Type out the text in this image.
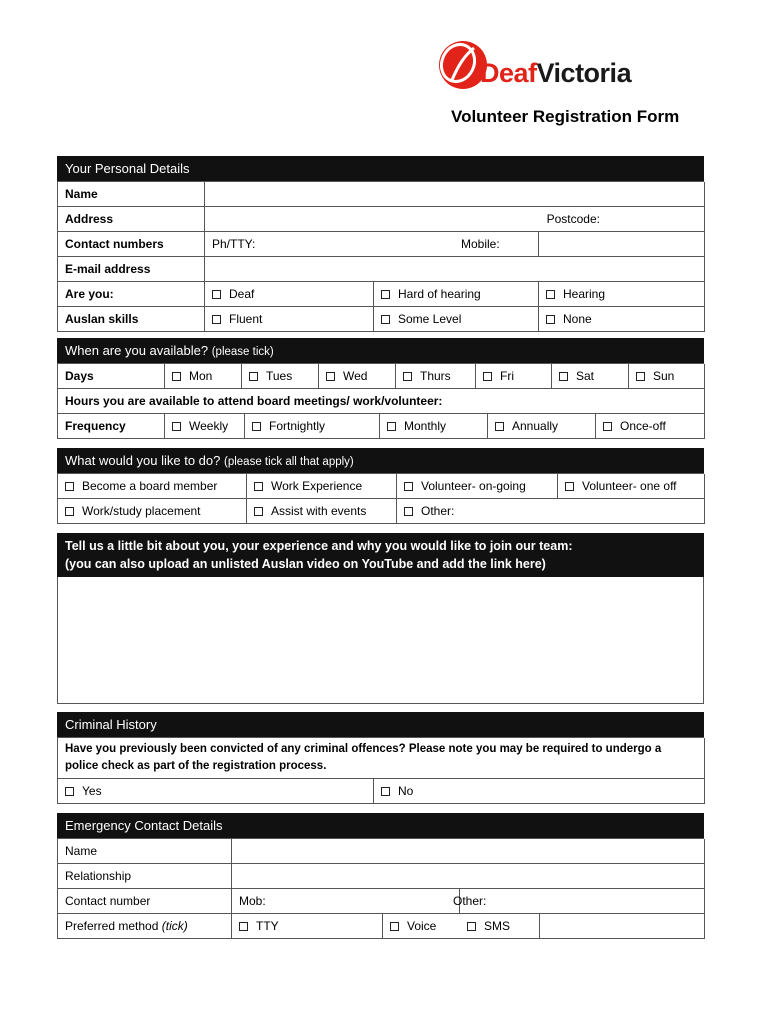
DeafVictoria
Volunteer Registration Form
Your Personal Details
Name
Address	Postcode:
Contact numbers	Ph/TTY:	Mobile:
E-mail address
Are you:	Deaf	Hard of hearing	Hearing
Auslan skills	Fluent	Some Level	None
When are you available? (please tick)
Days	Mon	Tues	Wed	Thurs	Fri	Sat	Sun
Hours you are available to attend board meetings/ work/volunteer:
Frequency	Weekly	Fortnightly	Monthly	Annually	Once-off
What would you like to do? (please tick all that apply)
Become a board member	Work Experience	Volunteer- on-going	Volunteer- one off
Work/study placement	Assist with events	Other:
Tell us a little bit about you, your experience and why you would like to join our team:
(you can also upload an unlisted Auslan video on YouTube and add the link here)
Criminal History
Have you previously been convicted of any criminal offences? Please note you may be required to undergo a police check as part of the registration process.
Yes	No
Emergency Contact Details
Name
Relationship
Contact number	Mob:	Other:
Preferred method (tick)	TTY	Voice	SMS
